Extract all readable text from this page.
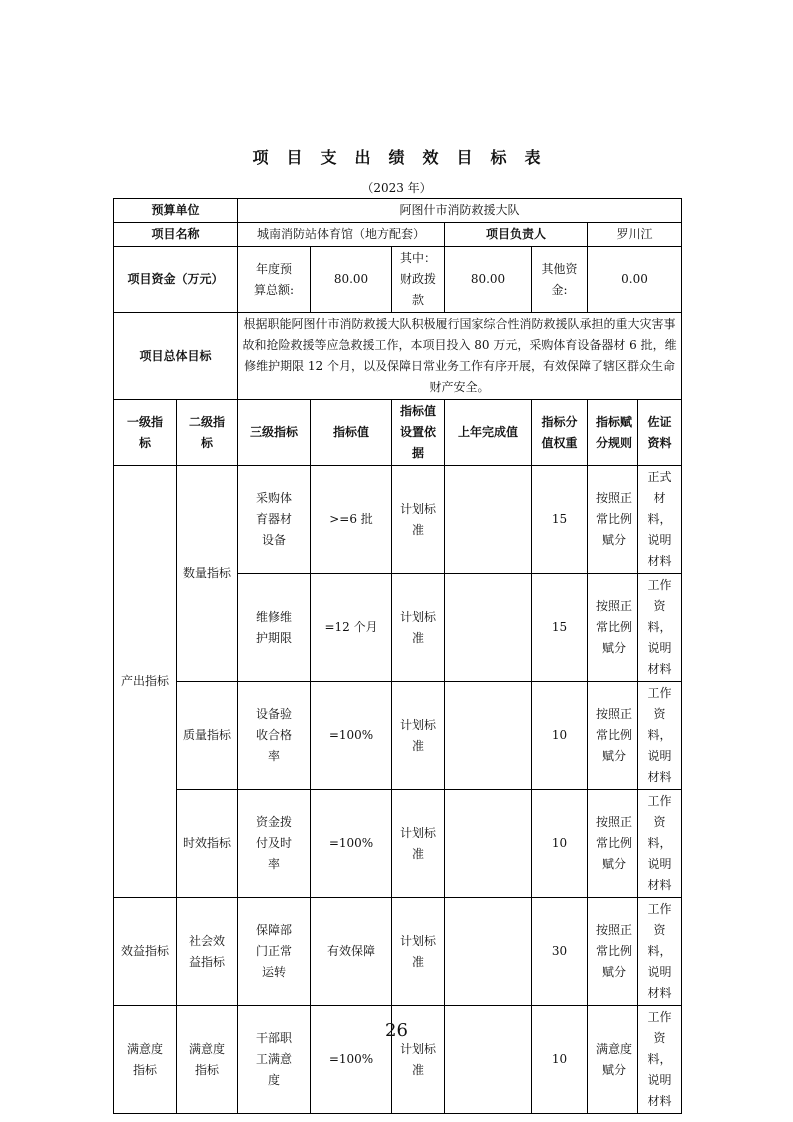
项目支出绩效目标表
（2023 年）
预算单位		阿图什市消防救援大队						
项目名称		城南消防站体育馆（地方配套）			项目负责人		罗川江	
项目资金（万元）		年度预算总额:	80.00	其中：财政拨款	80.00	其他资金:	0.00	
项目总体目标		根据职能阿图什市消防救援大队积极履行国家综合性消防救援队承担的重大灾害事故和抢险救援等应急救援工作，本项目投入 80 万元，采购体育设备器材 6 批，维修维护期限 12 个月，以及保障日常业务工作有序开展，有效保障了辖区群众生命财产安全。						
一级指标	二级指标	三级指标	指标值	指标值设置依据	上年完成值	指标分值权重	指标赋分规则	佐证资料
产出指标	数量指标	采购体育器材设备	>=6 批	计划标准		15	按照正常比例赋分	正式材料，说明材料
		维修维护期限	=12 个月	计划标准		15	按照正常比例赋分	工作资料，说明材料
	质量指标	设备验收合格率	=100%	计划标准		10	按照正常比例赋分	工作资料，说明材料
	时效指标	资金拨付及时率	=100%	计划标准		10	按照正常比例赋分	工作资料，说明材料
效益指标	社会效益指标	保障部门正常运转	有效保障	计划标准		30	按照正常比例赋分	工作资料，说明材料
满意度指标	满意度指标	干部职工满意度	=100%	计划标准		10	满意度赋分	工作资料，说明材料
26
